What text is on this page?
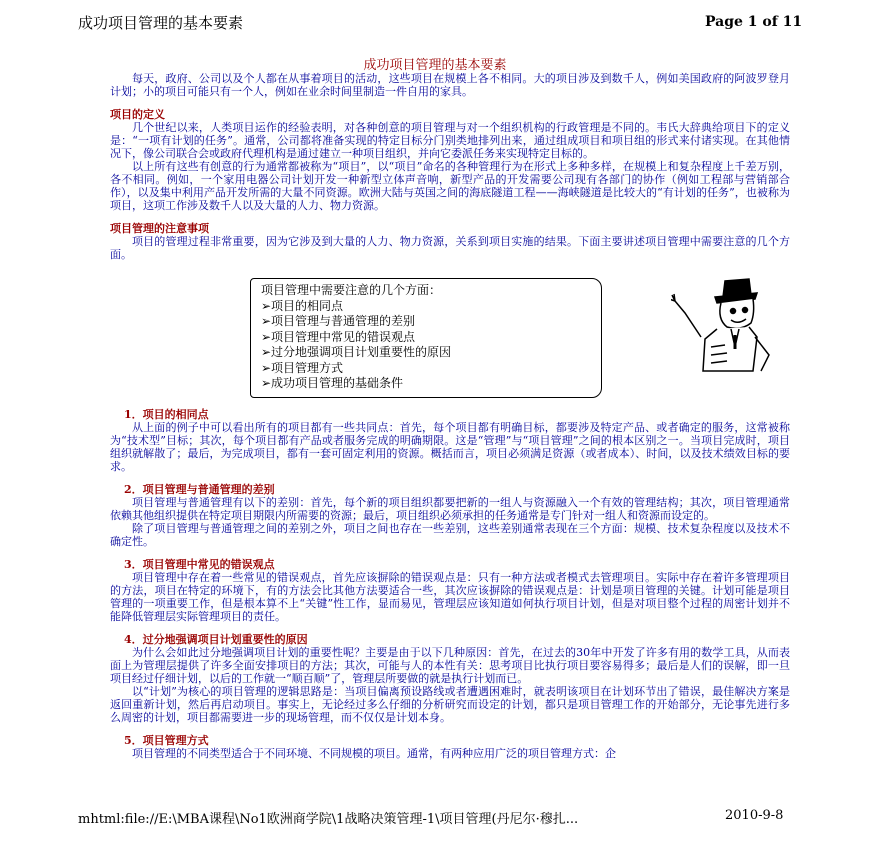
成功项目管理的基本要素	Page 1 of 11
成功项目管理的基本要素

每天，政府、公司以及个人都在从事着项目的活动，这些项目在规模上各不相同。大的项目涉及到数千人，例如美国政府的阿波罗登月计划；小的项目可能只有一个人，例如在业余时间里制造一件自用的家具。

项目的定义

几个世纪以来，人类项目运作的经验表明，对各种创意的项目管理与对一个组织机构的行政管理是不同的。韦氏大辞典给项目下的定义是：“一项有计划的任务”。通常，公司都将准备实现的特定目标分门别类地排列出来，通过组成项目和项目组的形式来付诸实现。在其他情况下，像公司联合会或政府代理机构是通过建立一种项目组织，并向它委派任务来实现特定目标的。

以上所有这些有创意的行为通常都被称为“项目”，以“项目”命名的各种管理行为在形式上多种多样，在规模上和复杂程度上千差万别，各不相同。例如，一个家用电器公司计划开发一种新型立体声音响，新型产品的开发需要公司现有各部门的协作（例如工程部与营销部合作），以及集中利用产品开发所需的大量不同资源。欧洲大陆与英国之间的海底隧道工程——海峡隧道是比较大的“有计划的任务”，也被称为项目，这项工作涉及数千人以及大量的人力、物力资源。

项目管理的注意事项

项目的管理过程非常重要，因为它涉及到大量的人力、物力资源，关系到项目实施的结果。下面主要讲述项目管理中需要注意的几个方面。

项目管理中需要注意的几个方面：
➢项目的相同点
➢项目管理与普通管理的差别
➢项目管理中常见的错误观点
➢过分地强调项目计划重要性的原因
➢项目管理方式
➢成功项目管理的基础条件
1．项目的相同点

从上面的例子中可以看出所有的项目都有一些共同点：首先，每个项目都有明确目标，都要涉及特定产品、或者确定的服务，这常被称为“技术型”目标；其次，每个项目都有产品或者服务完成的明确期限。这是“管理”与“项目管理”之间的根本区别之一。当项目完成时，项目组织就解散了；最后，为完成项目，都有一套可固定利用的资源。概括而言，项目必须满足资源（或者成本）、时间，以及技术绩效目标的要求。

2．项目管理与普通管理的差别

项目管理与普通管理有以下的差别：首先，每个新的项目组织都要把新的一组人与资源融入一个有效的管理结构；其次，项目管理通常依赖其他组织提供在特定项目期限内所需要的资源；最后，项目组织必须承担的任务通常是专门针对一组人和资源而设定的。

除了项目管理与普通管理之间的差别之外，项目之间也存在一些差别，这些差别通常表现在三个方面：规模、技术复杂程度以及技术不确定性。

3．项目管理中常见的错误观点

项目管理中存在着一些常见的错误观点，首先应该摒除的错误观点是：只有一种方法或者模式去管理项目。实际中存在着许多管理项目的方法，项目在特定的环境下，有的方法会比其他方法要适合一些，其次应该摒除的错误观点是：计划是项目管理的关键。计划可能是项目管理的一项重要工作，但是根本算不上“关键”性工作，显而易见，管理层应该知道如何执行项目计划，但是对项目整个过程的周密计划并不能降低管理层实际管理项目的责任。

4．过分地强调项目计划重要性的原因

为什么会如此过分地强调项目计划的重要性呢？主要是由于以下几种原因：首先，在过去的30年中开发了许多有用的数学工具，从而表面上为管理层提供了许多全面安排项目的方法；其次，可能与人的本性有关：思考项目比执行项目要容易得多；最后是人们的误解，即一旦项目经过仔细计划，以后的工作就一“顺百顺”了，管理层所要做的就是执行计划而已。

以“计划”为核心的项目管理的逻辑思路是：当项目偏离预设路线或者遭遇困难时，就表明该项目在计划环节出了错误，最佳解决方案是返回重新计划，然后再启动项目。事实上，无论经过多么仔细的分析研究而设定的计划，都只是项目管理工作的开始部分，无论事先进行多么周密的计划，项目都需要进一步的现场管理，而不仅仅是计划本身。

5．项目管理方式

项目管理的不同类型适合于不同环境、不同规模的项目。通常，有两种应用广泛的项目管理方式：企

mhtml:file://E:\MBA课程\No1欧洲商学院\1战略决策管理-1\项目管理(丹尼尔·穆扎...	2010-9-8
